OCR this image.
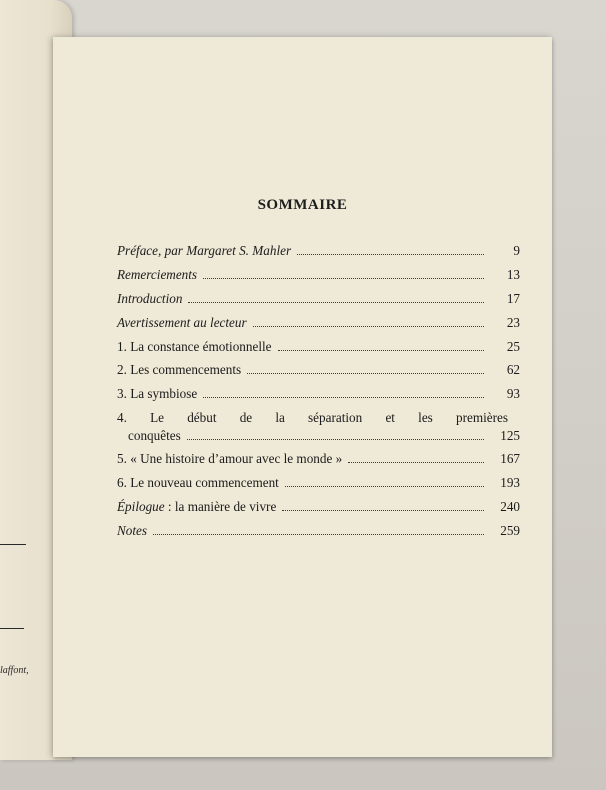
laffont,
SOMMAIRE
Préface, par Margaret S. Mahler	9
Remerciements	13
Introduction	17
Avertissement au lecteur	23
1. La constance émotionnelle	25
2. Les commencements	62
3. La symbiose	93
4. Le début de la séparation et les premières
conquêtes	125
5. « Une histoire d’amour avec le monde »	167
6. Le nouveau commencement	193
Épilogue : la manière de vivre	240
Notes	259
